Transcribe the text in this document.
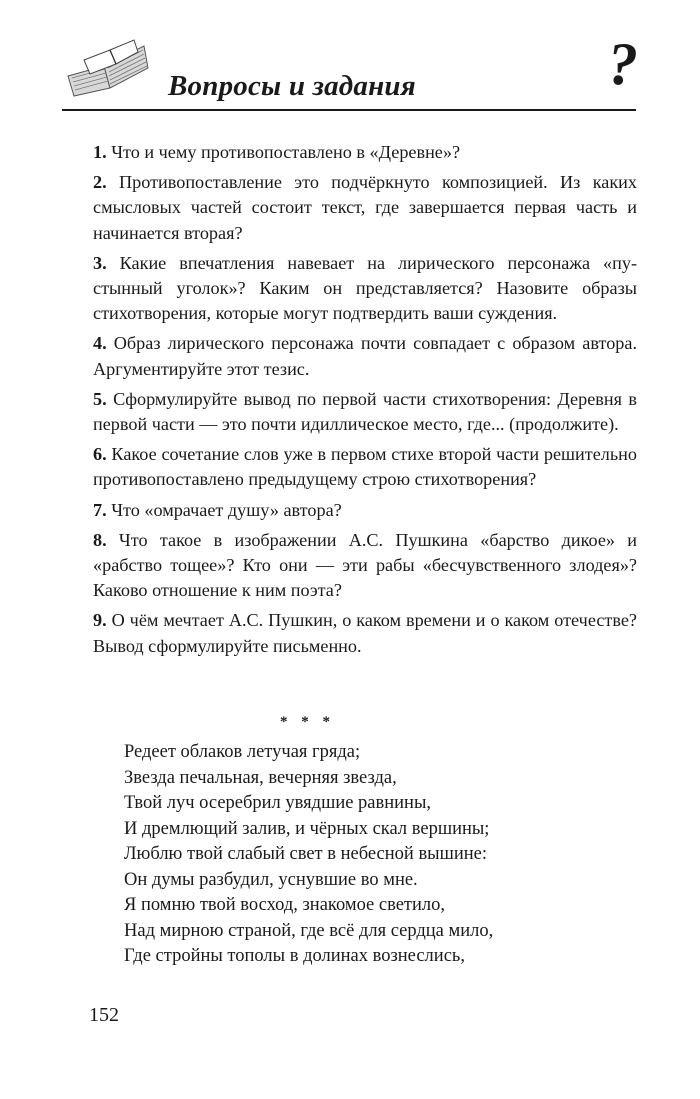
Вопросы и задания	?
1. Что и чему противопоставлено в «Деревне»?
2. Противопоставление это подчёркнуто композицией. Из каких смысловых частей состоит текст, где завершается первая часть и начинается вторая?
3. Какие впечатления навевает на лирического персонажа «пустынный уголок»? Каким он представляется? Назовите образы стихотворения, которые могут подтвердить ваши суждения.
4. Образ лирического персонажа почти совпадает с образом автора. Аргументируйте этот тезис.
5. Сформулируйте вывод по первой части стихотворения: Деревня в первой части — это почти идиллическое место, где... (продолжите).
6. Какое сочетание слов уже в первом стихе второй части решительно противопоставлено предыдущему строю стихотворения?
7. Что «омрачает душу» автора?
8. Что такое в изображении А.С. Пушкина «барство дикое» и «рабство тощее»? Кто они — эти рабы «бесчувственного злодея»? Каково отношение к ним поэта?
9. О чём мечтает А.С. Пушкин, о каком времени и о каком отечестве? Вывод сформулируйте письменно.
* * *
Редеет облаков летучая гряда;
Звезда печальная, вечерняя звезда,
Твой луч осеребрил увядшие равнины,
И дремлющий залив, и чёрных скал вершины;
Люблю твой слабый свет в небесной вышине:
Он думы разбудил, уснувшие во мне.
Я помню твой восход, знакомое светило,
Над мирною страной, где всё для сердца мило,
Где стройны тополы в долинах вознеслись,
152
